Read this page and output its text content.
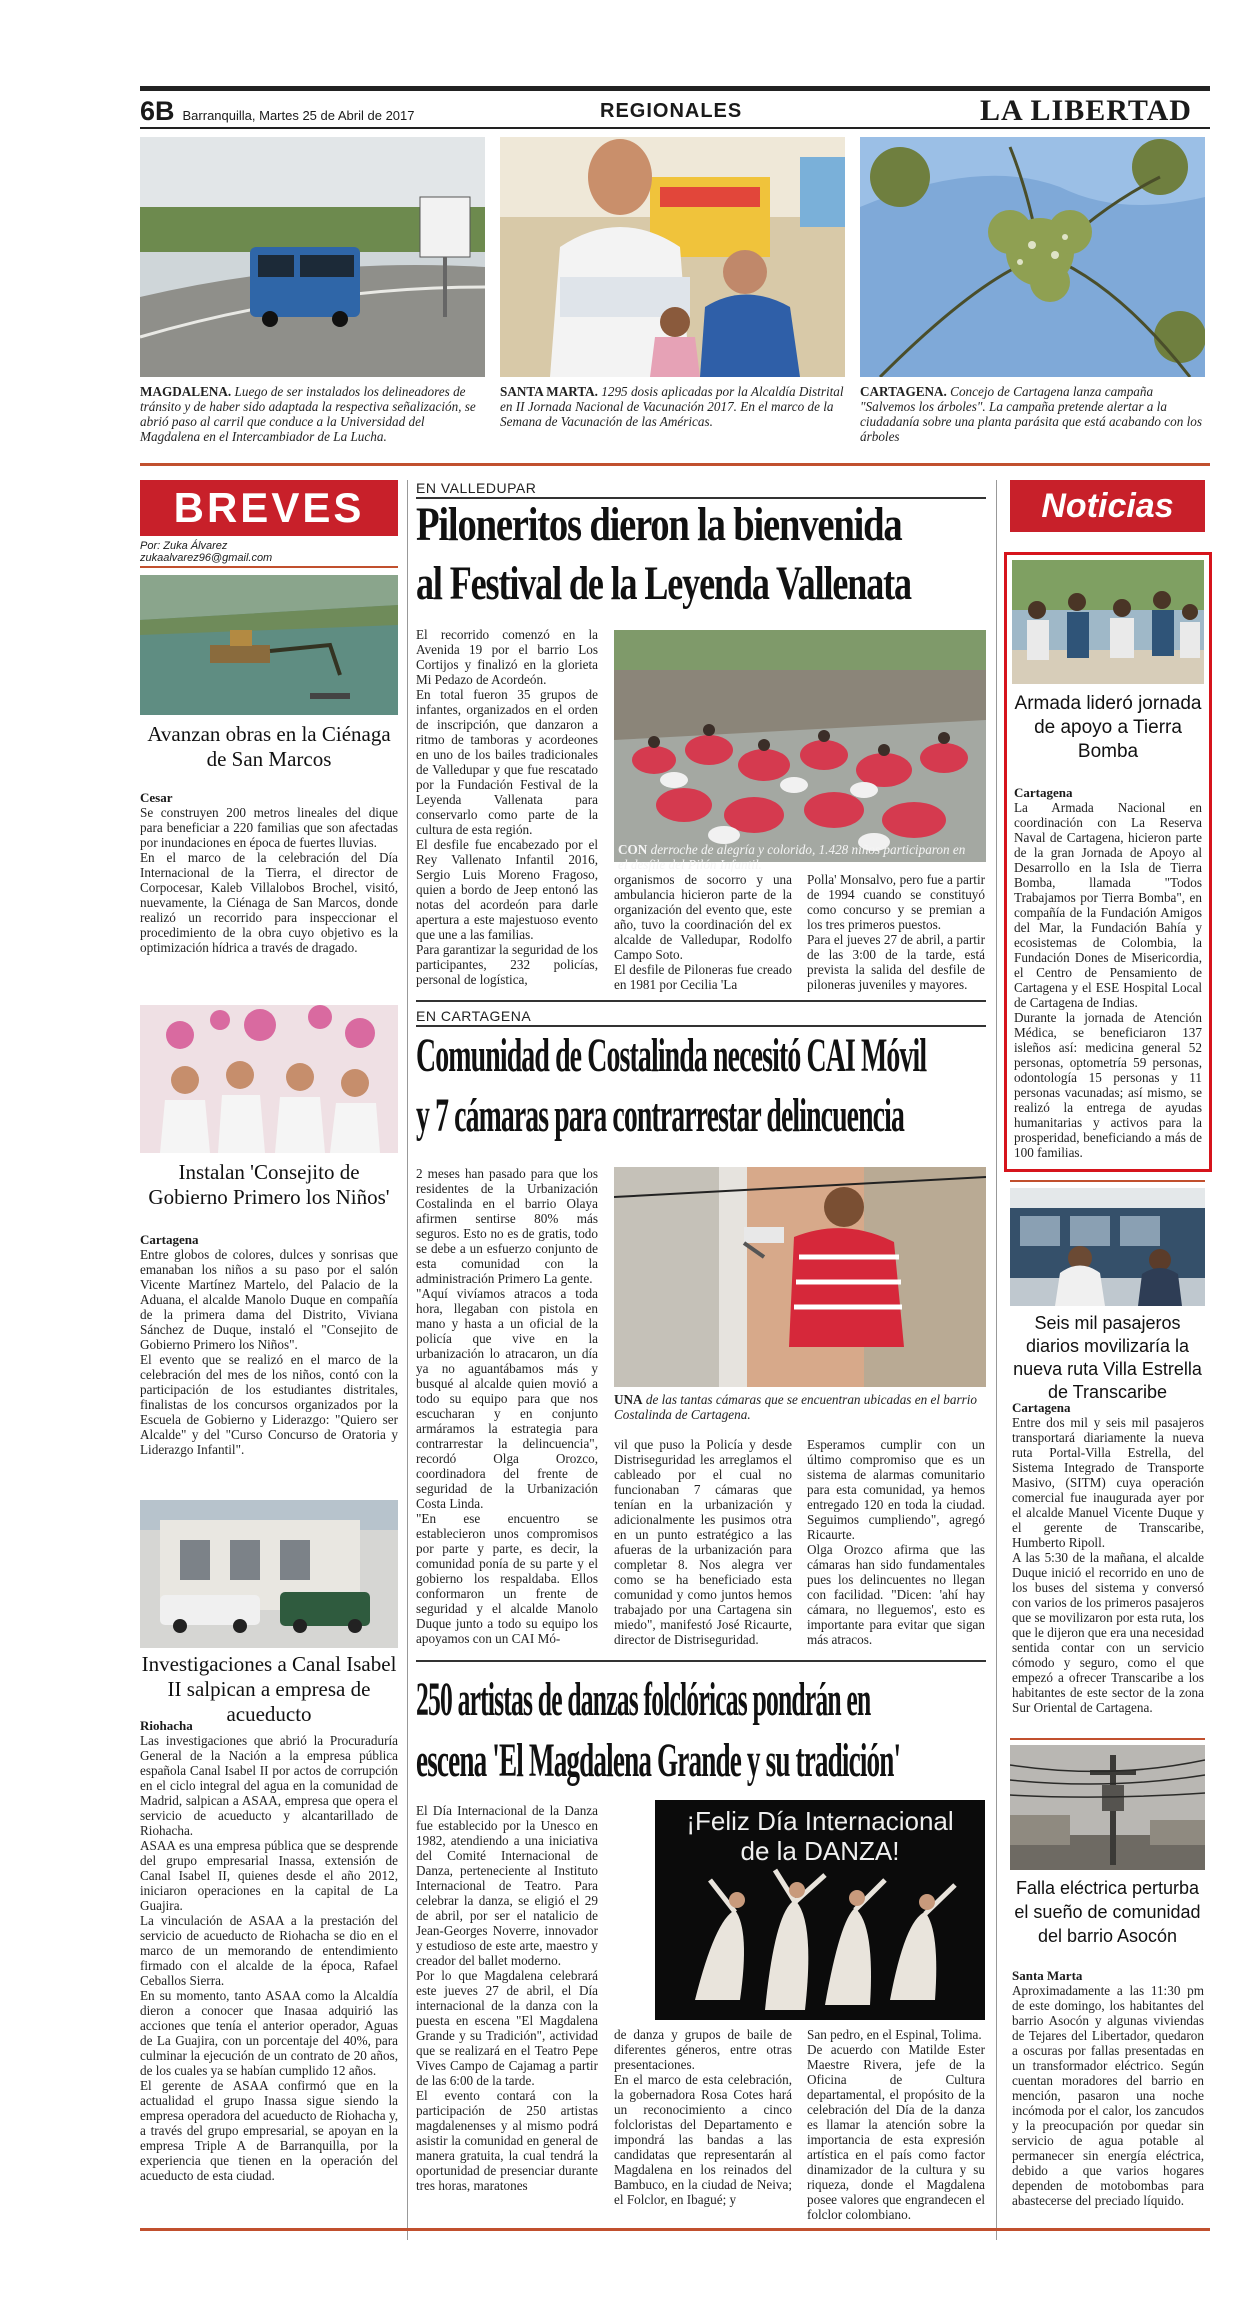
6B Barranquilla, Martes 25 de Abril de 2017	REGIONALES	LA LIBERTAD
MAGDALENA. Luego de ser instalados los delineadores de tránsito y de haber sido adaptada la respectiva señalización, se abrió paso al carril que conduce a la Universidad del Magdalena en el Intercambiador de La Lucha.
SANTA MARTA. 1295 dosis aplicadas por la Alcaldía Distrital en II Jornada Nacional de Vacunación 2017. En el marco de la Semana de Vacunación de las Américas.
CARTAGENA. Concejo de Cartagena lanza campaña "Salvemos los árboles". La campaña pretende alertar a la ciudadanía sobre una planta parásita que está acabando con los árboles
BREVES
Por: Zuka Álvarez
zukaalvarez96@gmail.com
Avanzan obras en la Ciénaga de San Marcos
Cesar
Se construyen 200 metros lineales del dique para beneficiar a 220 familias que son afectadas por inundaciones en época de fuertes lluvias.
En el marco de la celebración del Día Internacional de la Tierra, el director de Corpocesar, Kaleb Villalobos Brochel, visitó, nuevamente, la Ciénaga de San Marcos, donde realizó un recorrido para inspeccionar el procedimiento de la obra cuyo objetivo es la optimización hídrica a través de dragado.
Instalan 'Consejito de Gobierno Primero los Niños'
Cartagena
Entre globos de colores, dulces y sonrisas que emanaban los niños a su paso por el salón Vicente Martínez Martelo, del Palacio de la Aduana, el alcalde Manolo Duque en compañía de la primera dama del Distrito, Viviana Sánchez de Duque, instaló el "Consejito de Gobierno Primero los Niños".
El evento que se realizó en el marco de la celebración del mes de los niños, contó con la participación de los estudiantes distritales, finalistas de los concursos organizados por la Escuela de Gobierno y Liderazgo: "Quiero ser Alcalde" y del "Curso Concurso de Oratoria y Liderazgo Infantil".
Investigaciones a Canal Isabel II salpican a empresa de acueducto
Riohacha
Las investigaciones que abrió la Procuraduría General de la Nación a la empresa pública española Canal Isabel II por actos de corrupción en el ciclo integral del agua en la comunidad de Madrid, salpican a ASAA, empresa que opera el servicio de acueducto y alcantarillado de Riohacha.
ASAA es una empresa pública que se desprende del grupo empresarial Inassa, extensión de Canal Isabel II, quienes desde el año 2012, iniciaron operaciones en la capital de La Guajira.
La vinculación de ASAA a la prestación del servicio de acueducto de Riohacha se dio en el marco de un memorando de entendimiento firmado con el alcalde de la época, Rafael Ceballos Sierra.
En su momento, tanto ASAA como la Alcaldía dieron a conocer que Inasaa adquirió las acciones que tenía el anterior operador, Aguas de La Guajira, con un porcentaje del 40%, para culminar la ejecución de un contrato de 20 años, de los cuales ya se habían cumplido 12 años.
El gerente de ASAA confirmó que en la actualidad el grupo Inassa sigue siendo la empresa operadora del acueducto de Riohacha y, a través del grupo empresarial, se apoyan en la empresa Triple A de Barranquilla, por la experiencia que tienen en la operación del acueducto de esta ciudad.
EN VALLEDUPAR
Piloneritos dieron la bienvenida
al Festival de la Leyenda Vallenata
El recorrido comenzó en la Avenida 19 por el barrio Los Cortijos y finalizó en la glorieta Mi Pedazo de Acordeón.
En total fueron 35 grupos de infantes, organizados en el orden de inscripción, que danzaron a ritmo de tamboras y acordeones en uno de los bailes tradicionales de Valledupar y que fue rescatado por la Fundación Festival de la Leyenda Vallenata para conservarlo como parte de la cultura de esta región.
El desfile fue encabezado por el Rey Vallenato Infantil 2016, Sergio Luis Moreno Fragoso, quien a bordo de Jeep entonó las notas del acordeón para darle apertura a este majestuoso evento que une a las familias.
Para garantizar la seguridad de los participantes, 232 policías, personal de logística,
CON derroche de alegría y colorido, 1.428 niños participaron en el desfile del Pilón Infantil.
organismos de socorro y una ambulancia hicieron parte de la organización del evento que, este año, tuvo la coordinación del ex alcalde de Valledupar, Rodolfo Campo Soto.
El desfile de Piloneras fue creado en 1981 por Cecilia 'La
Polla' Monsalvo, pero fue a partir de 1994 cuando se constituyó como concurso y se premian a los tres primeros puestos.
Para el jueves 27 de abril, a partir de las 3:00 de la tarde, está prevista la salida del desfile de piloneras juveniles y mayores.
EN CARTAGENA
Comunidad de Costalinda necesitó CAI Móvil
y 7 cámaras para contrarrestar delincuencia
2 meses han pasado para que los residentes de la Urbanización Costalinda en el barrio Olaya afirmen sentirse 80% más seguros. Esto no es de gratis, todo se debe a un esfuerzo conjunto de esta comunidad con la administración Primero La gente.
"Aquí vivíamos atracos a toda hora, llegaban con pistola en mano y hasta a un oficial de la policía que vive en la urbanización lo atracaron, un día ya no aguantábamos más y busqué al alcalde quien movió a todo su equipo para que nos escucharan y en conjunto armáramos la estrategia para contrarrestar la delincuencia", recordó Olga Orozco, coordinadora del frente de seguridad de la Urbanización Costa Linda.
"En ese encuentro se establecieron unos compromisos por parte y parte, es decir, la comunidad ponía de su parte y el gobierno los respaldaba. Ellos conformaron un frente de seguridad y el alcalde Manolo Duque junto a todo su equipo los apoyamos con un CAI Mó-
UNA de las tantas cámaras que se encuentran ubicadas en el barrio Costalinda de Cartagena.
vil que puso la Policía y desde Distriseguridad les arreglamos el cableado por el cual no funcionaban 7 cámaras que tenían en la urbanización y adicionalmente les pusimos otra en un punto estratégico a las afueras de la urbanización para completar 8. Nos alegra ver como se ha beneficiado esta comunidad y como juntos hemos trabajado por una Cartagena sin miedo", manifestó José Ricaurte, director de Distriseguridad.
Esperamos cumplir con un último compromiso que es un sistema de alarmas comunitario para esta comunidad, ya hemos entregado 120 en toda la ciudad. Seguimos cumpliendo", agregó Ricaurte.
Olga Orozco afirma que las cámaras han sido fundamentales pues los delincuentes no llegan con facilidad. "Dicen: 'ahí hay cámara, no lleguemos', esto es importante para evitar que sigan más atracos.
250 artistas de danzas folclóricas pondrán en
escena 'El Magdalena Grande y su tradición'
El Día Internacional de la Danza fue establecido por la Unesco en 1982, atendiendo a una iniciativa del Comité Internacional de Danza, perteneciente al Instituto Internacional de Teatro. Para celebrar la danza, se eligió el 29 de abril, por ser el natalicio de Jean-Georges Noverre, innovador y estudioso de este arte, maestro y creador del ballet moderno.
Por lo que Magdalena celebrará este jueves 27 de abril, el Día internacional de la danza con la puesta en escena "El Magdalena Grande y su Tradición", actividad que se realizará en el Teatro Pepe Vives Campo de Cajamag a partir de las 6:00 de la tarde.
El evento contará con la participación de 250 artistas magdalenenses y al mismo podrá asistir la comunidad en general de manera gratuita, la cual tendrá la oportunidad de presenciar durante tres horas, maratones
¡Feliz Día Internacional
de la DANZA!
de danza y grupos de baile de diferentes géneros, entre otras presentaciones.
En el marco de esta celebración, la gobernadora Rosa Cotes hará un reconocimiento a cinco folcloristas del Departamento e impondrá las bandas a las candidatas que representarán al Magdalena en los reinados del Bambuco, en la ciudad de Neiva; el Folclor, en Ibagué; y
San pedro, en el Espinal, Tolima.
De acuerdo con Matilde Ester Maestre Rivera, jefe de la Oficina de Cultura departamental, el propósito de la celebración del Día de la danza es llamar la atención sobre la importancia de esta expresión artística en el país como factor dinamizador de la cultura y su riqueza, donde el Magdalena posee valores que engrandecen el folclor colombiano.
Noticias
Armada lideró jornada de apoyo a Tierra Bomba
Cartagena
La Armada Nacional en coordinación con La Reserva Naval de Cartagena, hicieron parte de la gran Jornada de Apoyo al Desarrollo en la Isla de Tierra Bomba, llamada "Todos Trabajamos por Tierra Bomba", en compañía de la Fundación Amigos del Mar, la Fundación Bahía y ecosistemas de Colombia, la Fundación Dones de Misericordia, el Centro de Pensamiento de Cartagena y el ESE Hospital Local de Cartagena de Indias.
Durante la jornada de Atención Médica, se beneficiaron 137 isleños así: medicina general 52 personas, optometría 59 personas, odontología 15 personas y 11 personas vacunadas; así mismo, se realizó la entrega de ayudas humanitarias y activos para la prosperidad, beneficiando a más de 100 familias.
Seis mil pasajeros diarios movilizaría la nueva ruta Villa Estrella de Transcaribe
Cartagena
Entre dos mil y seis mil pasajeros transportará diariamente la nueva ruta Portal-Villa Estrella, del Sistema Integrado de Transporte Masivo, (SITM) cuya operación comercial fue inaugurada ayer por el alcalde Manuel Vicente Duque y el gerente de Transcaribe, Humberto Ripoll.
A las 5:30 de la mañana, el alcalde Duque inició el recorrido en uno de los buses del sistema y conversó con varios de los primeros pasajeros que se movilizaron por esta ruta, los que le dijeron que era una necesidad sentida contar con un servicio cómodo y seguro, como el que empezó a ofrecer Transcaribe a los habitantes de este sector de la zona Sur Oriental de Cartagena.
Falla eléctrica perturba el sueño de comunidad del barrio Asocón
Santa Marta
Aproximadamente a las 11:30 pm de este domingo, los habitantes del barrio Asocón y algunas viviendas de Tejares del Libertador, quedaron a oscuras por fallas presentadas en un transformador eléctrico. Según cuentan moradores del barrio en mención, pasaron una noche incómoda por el calor, los zancudos y la preocupación por quedar sin servicio de agua potable al permanecer sin energía eléctrica, debido a que varios hogares dependen de motobombas para abastecerse del preciado líquido.
